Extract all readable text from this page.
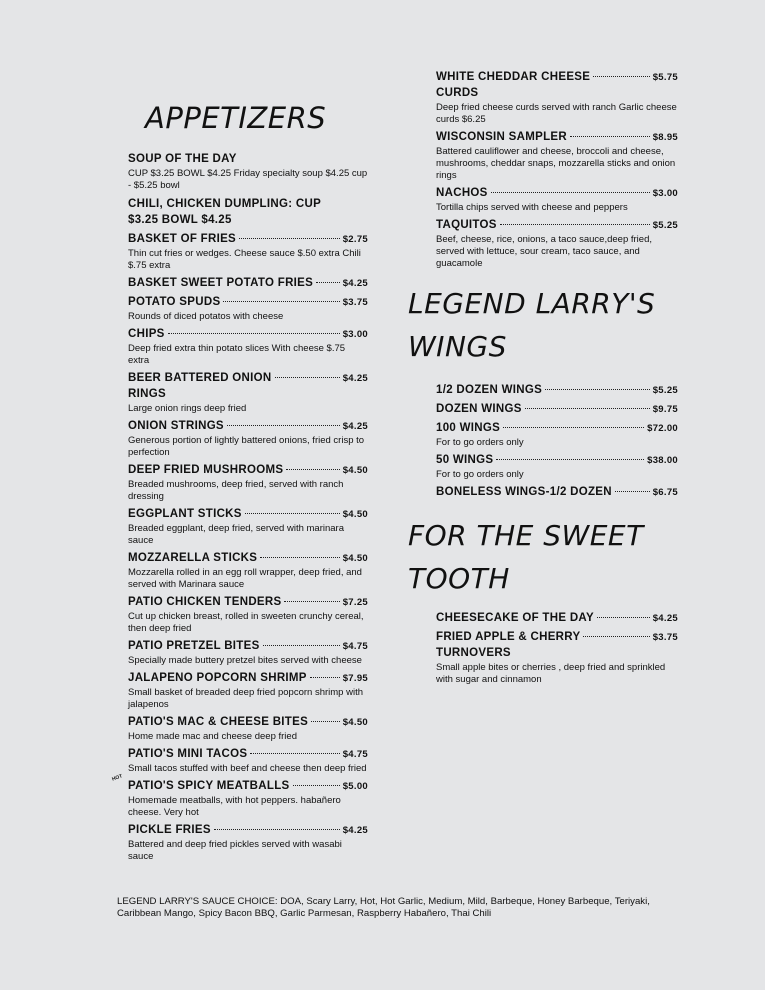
APPETIZERS
SOUP OF THE DAY
CUP $3.25 BOWL $4.25 Friday specialty soup $4.25 cup - $5.25 bowl
CHILI, CHICKEN DUMPLING: CUP
$3.25 BOWL $4.25
BASKET OF FRIES	$2.75
Thin cut fries or wedges. Cheese sauce $.50 extra Chili $.75 extra
BASKET SWEET POTATO FRIES	$4.25
POTATO SPUDS	$3.75
Rounds of diced potatos with cheese
CHIPS	$3.00
Deep fried extra thin potato slices With cheese $.75 extra
BEER BATTERED ONION	$4.25
RINGS
Large onion rings deep fried
ONION STRINGS	$4.25
Generous portion of lightly battered onions, fried crisp to perfection
DEEP FRIED MUSHROOMS	$4.50
Breaded mushrooms, deep fried, served with ranch dressing
EGGPLANT STICKS	$4.50
Breaded eggplant, deep fried, served with marinara sauce
MOZZARELLA STICKS	$4.50
Mozzarella rolled in an egg roll wrapper, deep fried, and served with Marinara sauce
PATIO CHICKEN TENDERS	$7.25
Cut up chicken breast, rolled in sweeten crunchy cereal, then deep fried
PATIO PRETZEL BITES	$4.75
Specially made buttery pretzel bites served with cheese
JALAPENO POPCORN SHRIMP	$7.95
Small basket of breaded deep fried popcorn shrimp with jalapenos
PATIO'S MAC & CHEESE BITES	$4.50
Home made mac and cheese deep fried
PATIO'S MINI TACOS	$4.75
Small tacos stuffed with beef and cheese then deep fried
HOT
PATIO'S SPICY MEATBALLS	$5.00
Homemade meatballs, with hot peppers. habañero cheese. Very hot
PICKLE FRIES	$4.25
Battered and deep fried pickles served with wasabi sauce
WHITE CHEDDAR CHEESE	$5.75
CURDS
Deep fried cheese curds served with ranch Garlic cheese curds $6.25
WISCONSIN SAMPLER	$8.95
Battered cauliflower and cheese, broccoli and cheese, mushrooms, cheddar snaps, mozzarella sticks and onion rings
NACHOS	$3.00
Tortilla chips served with cheese and peppers
TAQUITOS	$5.25
Beef, cheese, rice, onions, a taco sauce,deep fried, served with lettuce, sour cream, taco sauce, and guacamole
LEGEND LARRY'S
WINGS
1/2 DOZEN WINGS	$5.25
DOZEN WINGS	$9.75
100 WINGS	$72.00
For to go orders only
50 WINGS	$38.00
For to go orders only
BONELESS WINGS-1/2 DOZEN	$6.75
FOR THE SWEET
TOOTH
CHEESECAKE OF THE DAY	$4.25
FRIED APPLE & CHERRY	$3.75
TURNOVERS
Small apple bites or cherries , deep fried and sprinkled with sugar and cinnamon
LEGEND LARRY'S SAUCE CHOICE: DOA, Scary Larry, Hot, Hot Garlic, Medium, Mild, Barbeque, Honey Barbeque, Teriyaki, Caribbean Mango, Spicy Bacon BBQ, Garlic Parmesan, Raspberry Habañero, Thai Chili
